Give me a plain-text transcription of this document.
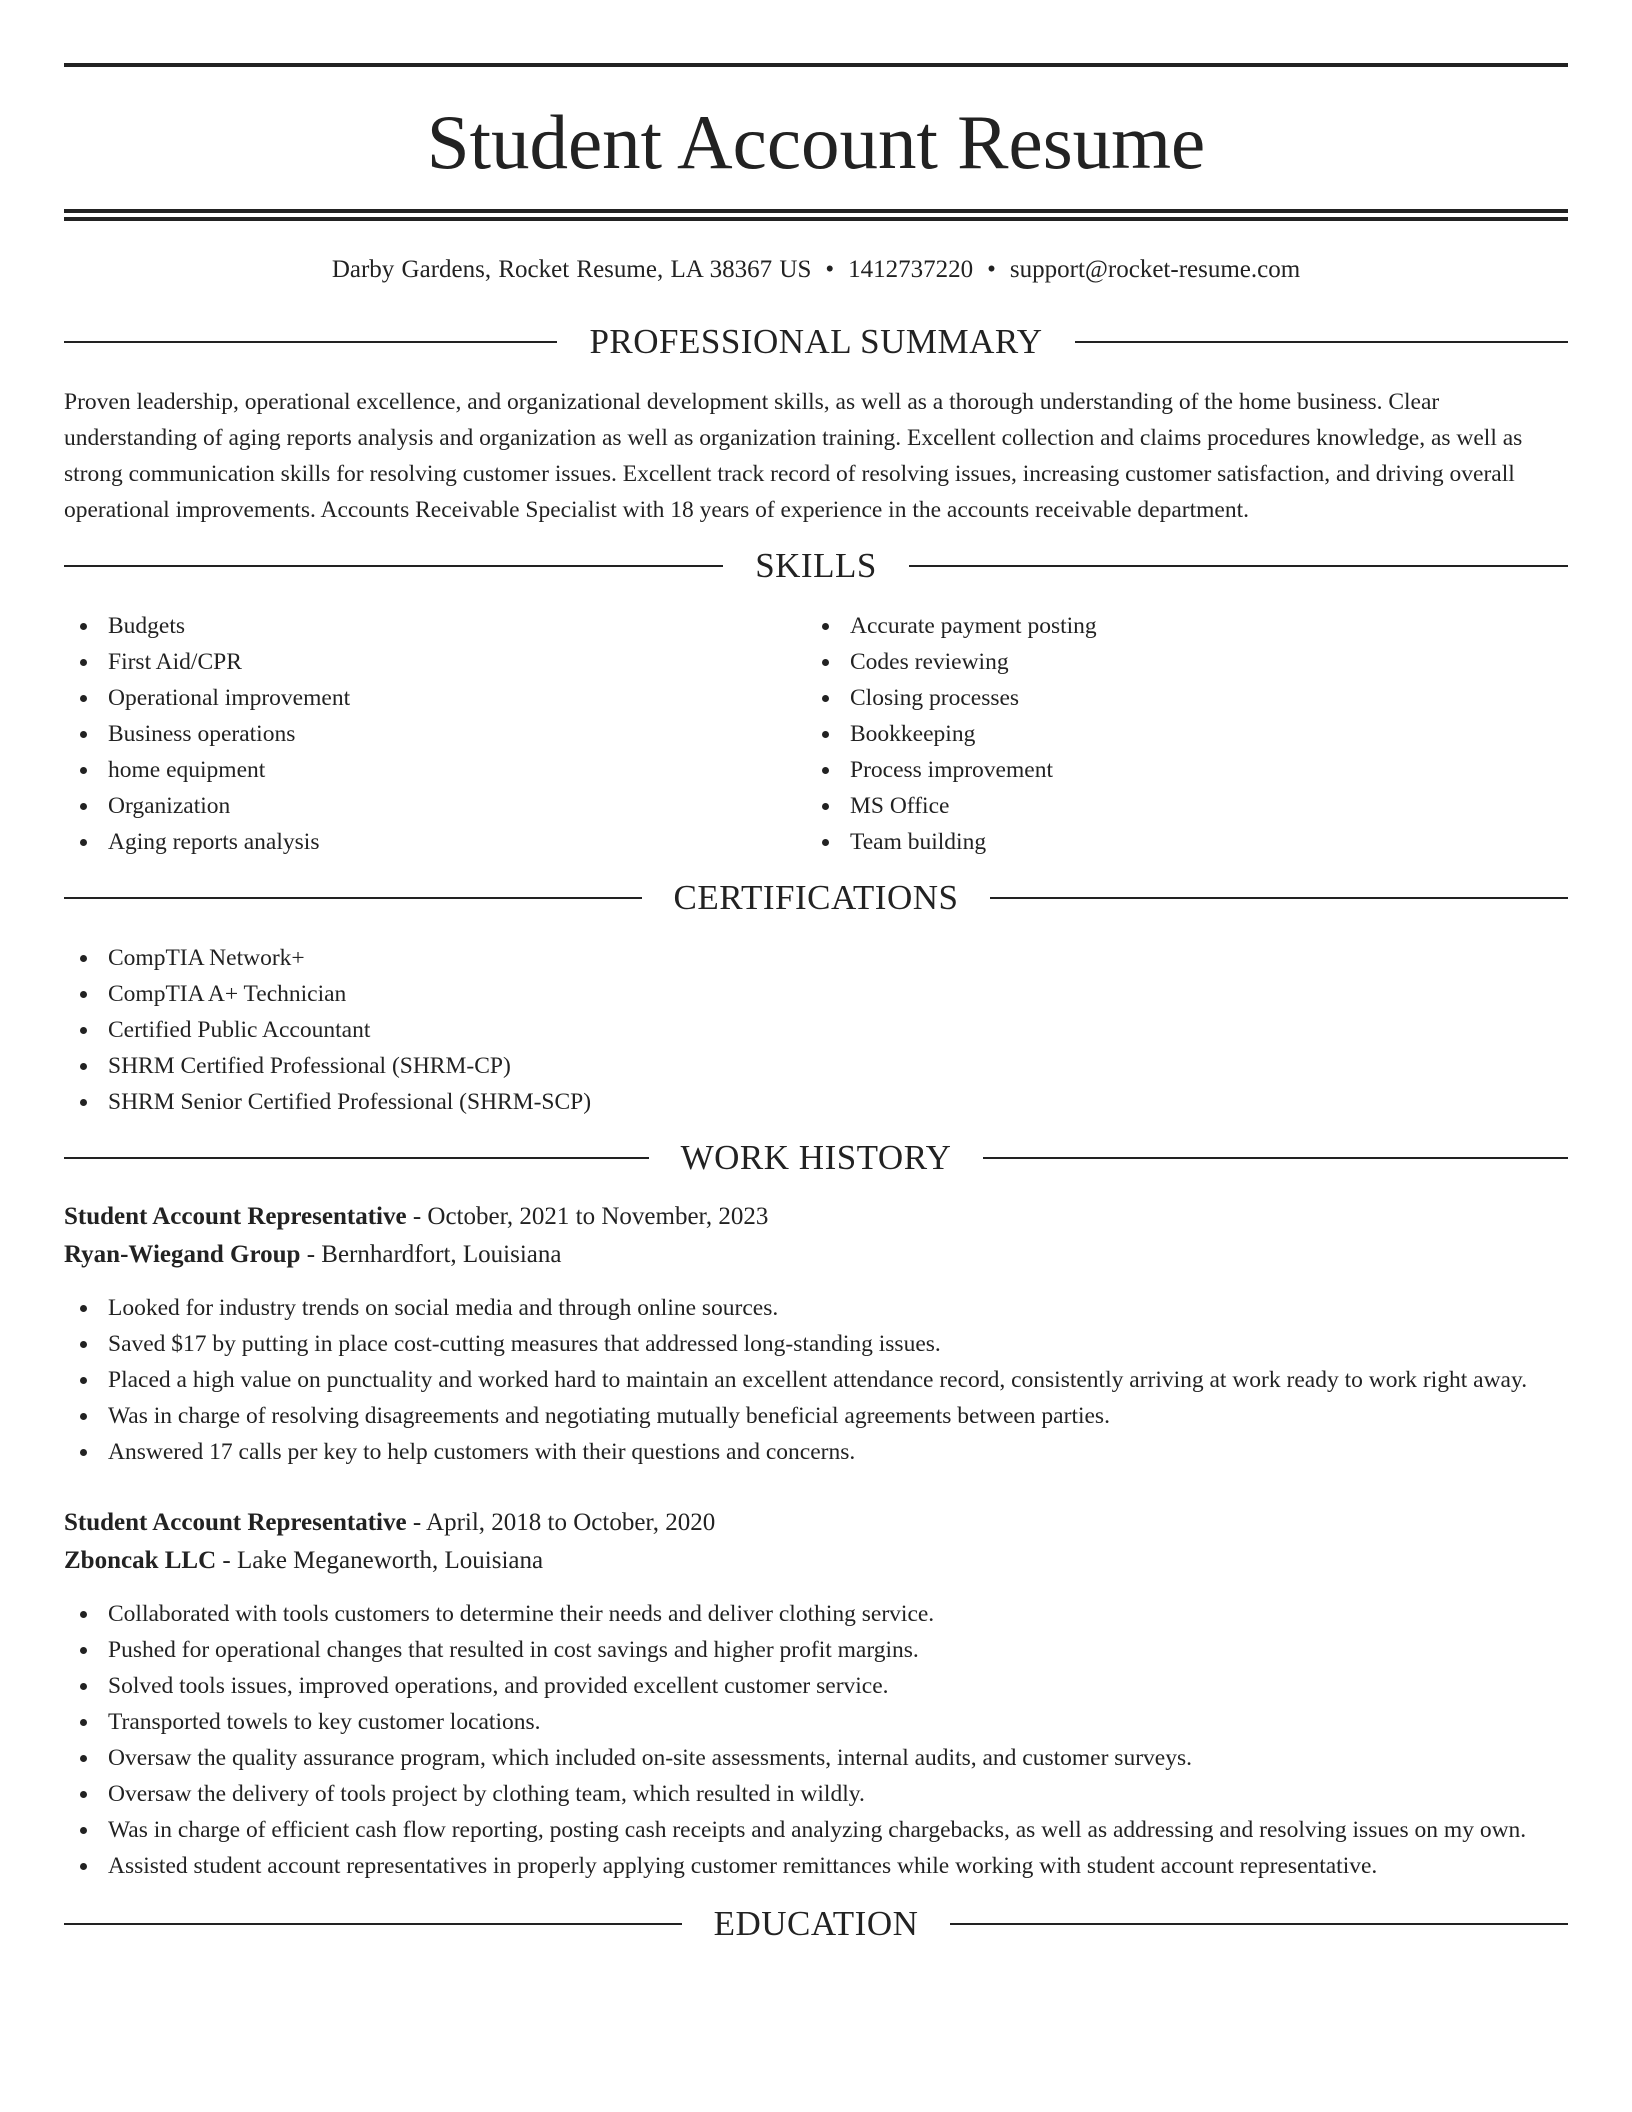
Student Account Resume
Darby Gardens, Rocket Resume, LA 38367 US • 1412737220 • support@rocket-resume.com
PROFESSIONAL SUMMARY

Proven leadership, operational excellence, and organizational development skills, as well as a thorough understanding of the home business. Clear understanding of aging reports analysis and organization as well as organization training. Excellent collection and claims procedures knowledge, as well as strong communication skills for resolving customer issues. Excellent track record of resolving issues, increasing customer satisfaction, and driving overall operational improvements. Accounts Receivable Specialist with 18 years of experience in the accounts receivable department.

SKILLS
Budgets
First Aid/CPR
Operational improvement
Business operations
home equipment
Organization
Aging reports analysis
Accurate payment posting
Codes reviewing
Closing processes
Bookkeeping
Process improvement
MS Office
Team building
CERTIFICATIONS
CompTIA Network+
CompTIA A+ Technician
Certified Public Accountant
SHRM Certified Professional (SHRM-CP)
SHRM Senior Certified Professional (SHRM-SCP)
WORK HISTORY
Student Account Representative - October, 2021 to November, 2023
Ryan-Wiegand Group - Bernhardfort, Louisiana
Looked for industry trends on social media and through online sources.
Saved $17 by putting in place cost-cutting measures that addressed long-standing issues.
Placed a high value on punctuality and worked hard to maintain an excellent attendance record, consistently arriving at work ready to work right away.
Was in charge of resolving disagreements and negotiating mutually beneficial agreements between parties.
Answered 17 calls per key to help customers with their questions and concerns.
Student Account Representative - April, 2018 to October, 2020
Zboncak LLC - Lake Meganeworth, Louisiana
Collaborated with tools customers to determine their needs and deliver clothing service.
Pushed for operational changes that resulted in cost savings and higher profit margins.
Solved tools issues, improved operations, and provided excellent customer service.
Transported towels to key customer locations.
Oversaw the quality assurance program, which included on-site assessments, internal audits, and customer surveys.
Oversaw the delivery of tools project by clothing team, which resulted in wildly.
Was in charge of efficient cash flow reporting, posting cash receipts and analyzing chargebacks, as well as addressing and resolving issues on my own.
Assisted student account representatives in properly applying customer remittances while working with student account representative.
EDUCATION
